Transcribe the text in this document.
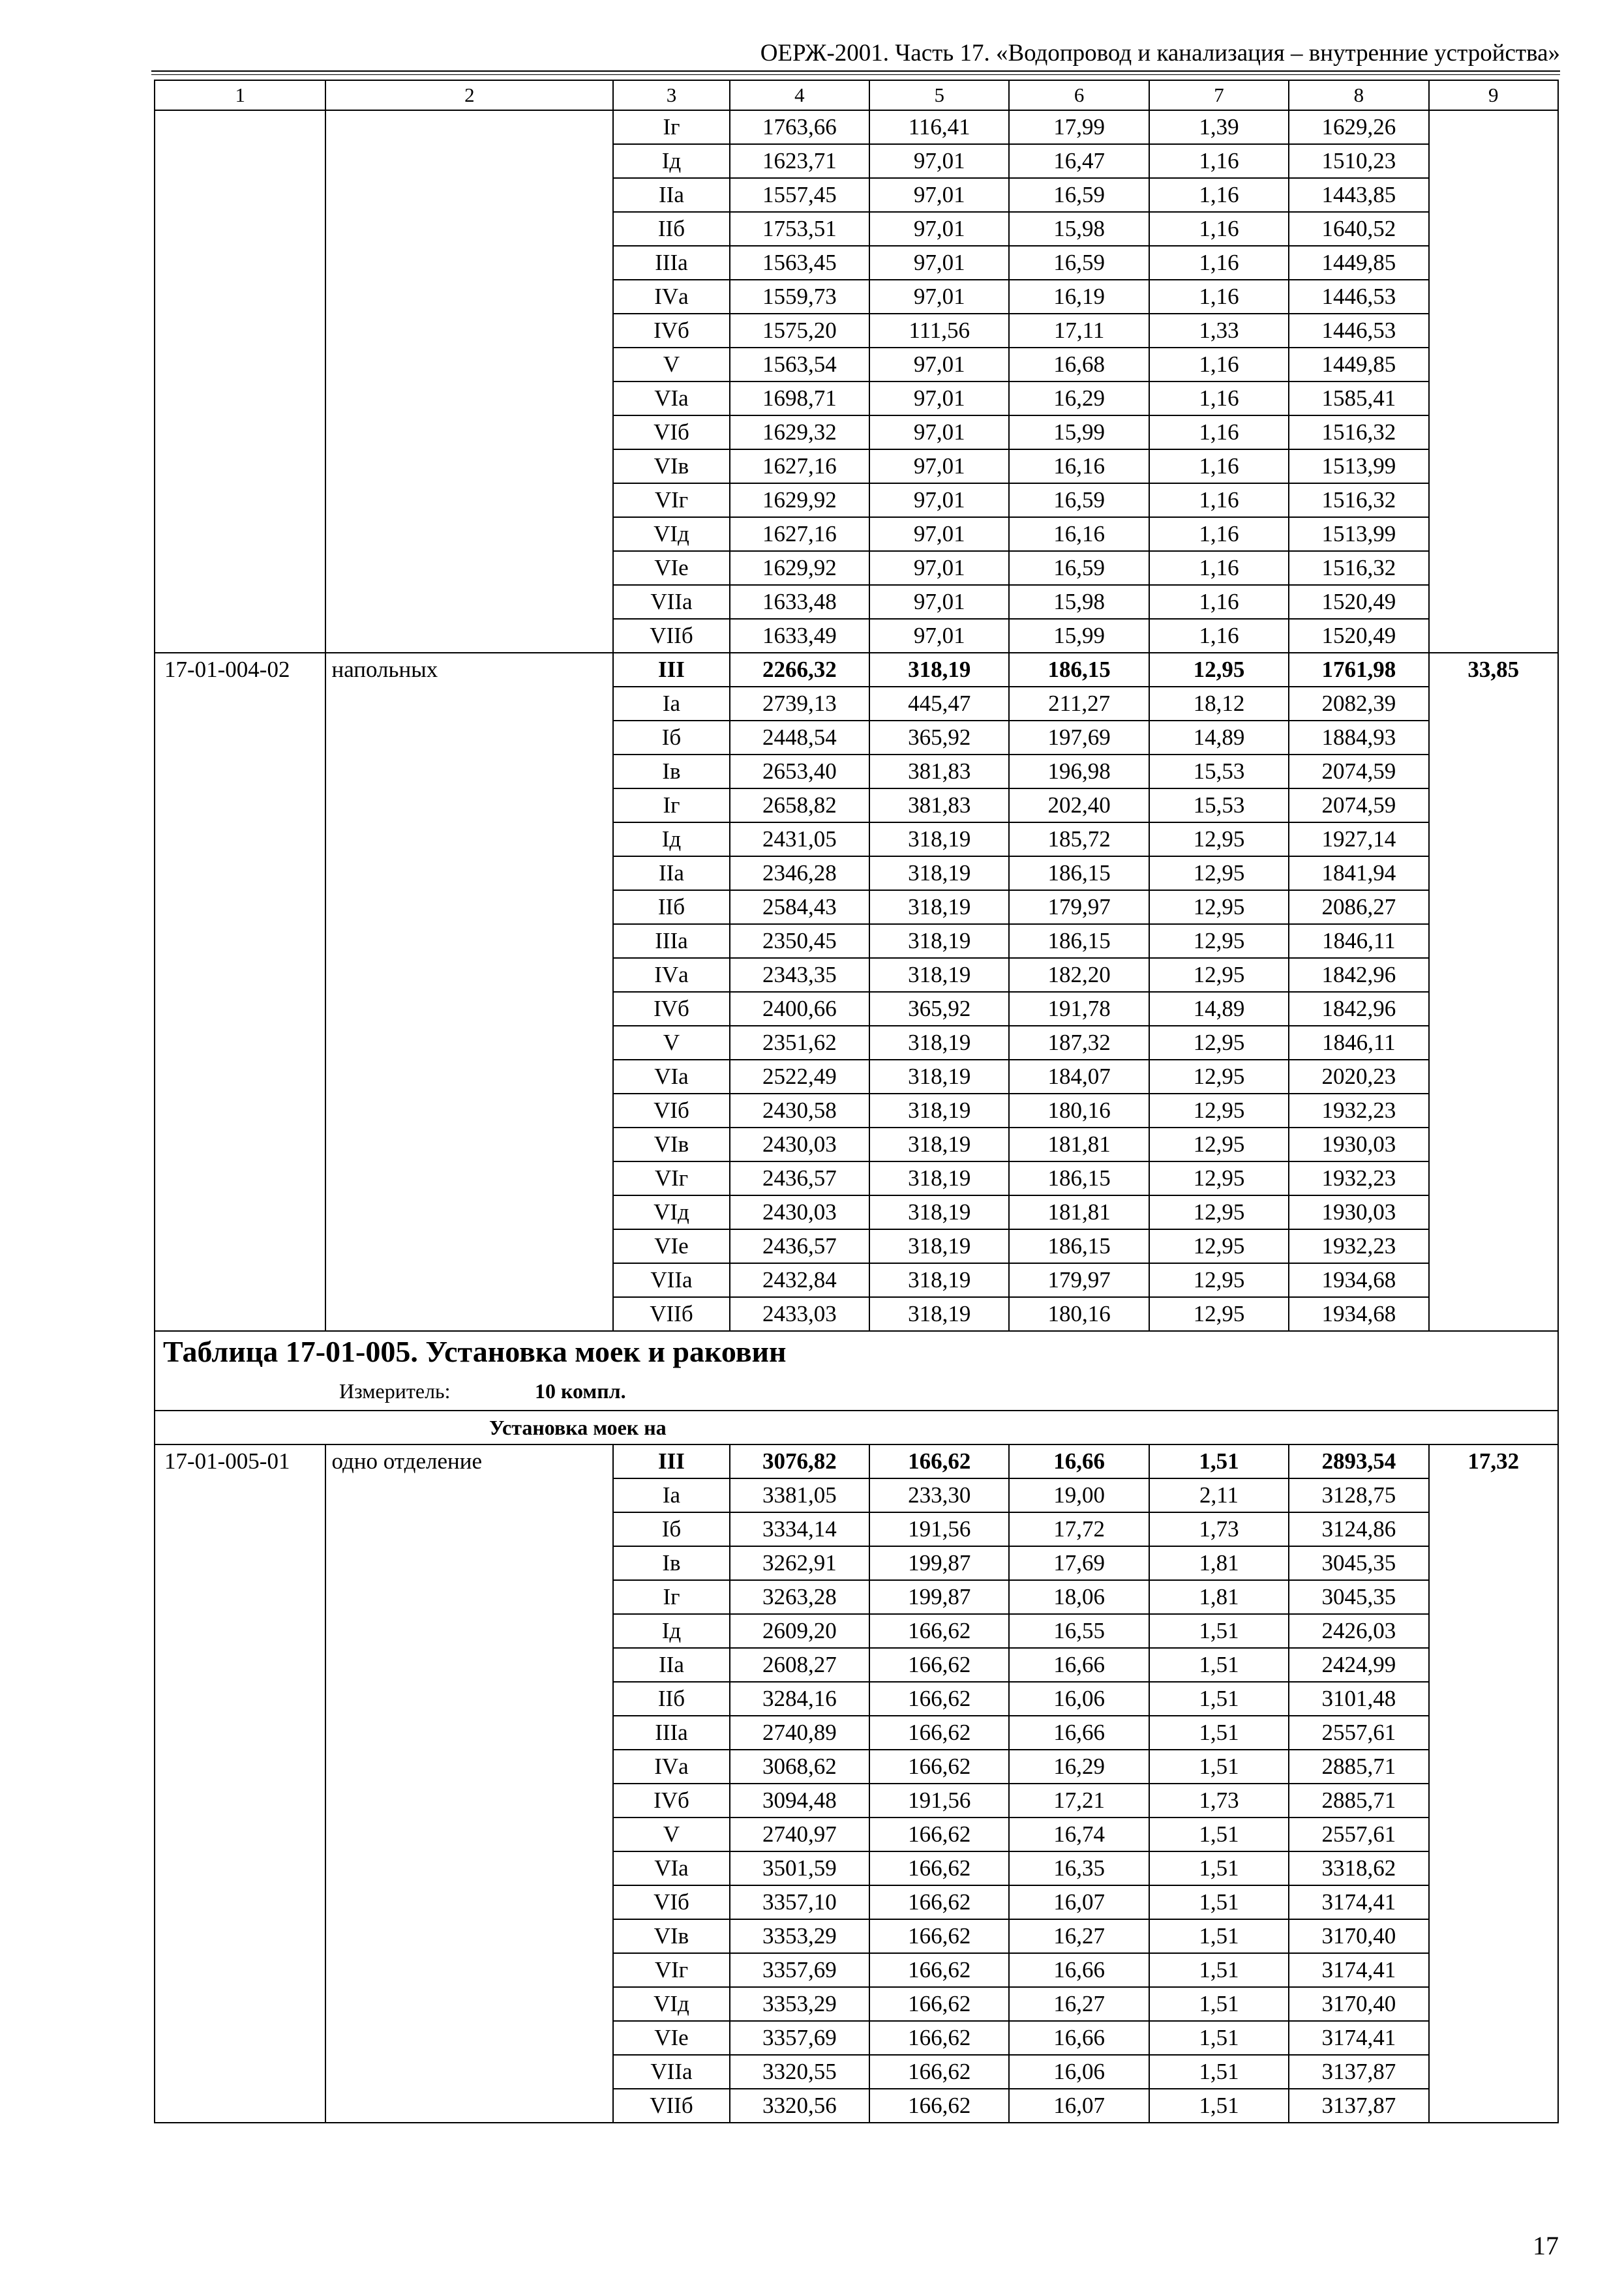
ОЕРЖ-2001. Часть 17. «Водопровод и канализация – внутренние устройства»
1	2	3	4	5	6	7	8	9
		Iг	1763,66	116,41	17,99	1,39	1629,26	
		Iд	1623,71	97,01	16,47	1,16	1510,23	
		IIа	1557,45	97,01	16,59	1,16	1443,85	
		IIб	1753,51	97,01	15,98	1,16	1640,52	
		IIIа	1563,45	97,01	16,59	1,16	1449,85	
		IVа	1559,73	97,01	16,19	1,16	1446,53	
		IVб	1575,20	111,56	17,11	1,33	1446,53	
		V	1563,54	97,01	16,68	1,16	1449,85	
		VIа	1698,71	97,01	16,29	1,16	1585,41	
		VIб	1629,32	97,01	15,99	1,16	1516,32	
		VIв	1627,16	97,01	16,16	1,16	1513,99	
		VIг	1629,92	97,01	16,59	1,16	1516,32	
		VIд	1627,16	97,01	16,16	1,16	1513,99	
		VIе	1629,92	97,01	16,59	1,16	1516,32	
		VIIа	1633,48	97,01	15,98	1,16	1520,49	
		VIIб	1633,49	97,01	15,99	1,16	1520,49	
17-01-004-02	напольных	III	2266,32	318,19	186,15	12,95	1761,98	33,85
		Iа	2739,13	445,47	211,27	18,12	2082,39	
		Iб	2448,54	365,92	197,69	14,89	1884,93	
		Iв	2653,40	381,83	196,98	15,53	2074,59	
		Iг	2658,82	381,83	202,40	15,53	2074,59	
		Iд	2431,05	318,19	185,72	12,95	1927,14	
		IIа	2346,28	318,19	186,15	12,95	1841,94	
		IIб	2584,43	318,19	179,97	12,95	2086,27	
		IIIа	2350,45	318,19	186,15	12,95	1846,11	
		IVа	2343,35	318,19	182,20	12,95	1842,96	
		IVб	2400,66	365,92	191,78	14,89	1842,96	
		V	2351,62	318,19	187,32	12,95	1846,11	
		VIа	2522,49	318,19	184,07	12,95	2020,23	
		VIб	2430,58	318,19	180,16	12,95	1932,23	
		VIв	2430,03	318,19	181,81	12,95	1930,03	
		VIг	2436,57	318,19	186,15	12,95	1932,23	
		VIд	2430,03	318,19	181,81	12,95	1930,03	
		VIе	2436,57	318,19	186,15	12,95	1932,23	
		VIIа	2432,84	318,19	179,97	12,95	1934,68	
		VIIб	2433,03	318,19	180,16	12,95	1934,68	
Таблица 17-01-005. Установка моек и раковин								
Измеритель: 10 компл.								
Установка моек на								
17-01-005-01	одно отделение	III	3076,82	166,62	16,66	1,51	2893,54	17,32
		Iа	3381,05	233,30	19,00	2,11	3128,75	
		Iб	3334,14	191,56	17,72	1,73	3124,86	
		Iв	3262,91	199,87	17,69	1,81	3045,35	
		Iг	3263,28	199,87	18,06	1,81	3045,35	
		Iд	2609,20	166,62	16,55	1,51	2426,03	
		IIа	2608,27	166,62	16,66	1,51	2424,99	
		IIб	3284,16	166,62	16,06	1,51	3101,48	
		IIIа	2740,89	166,62	16,66	1,51	2557,61	
		IVа	3068,62	166,62	16,29	1,51	2885,71	
		IVб	3094,48	191,56	17,21	1,73	2885,71	
		V	2740,97	166,62	16,74	1,51	2557,61	
		VIа	3501,59	166,62	16,35	1,51	3318,62	
		VIб	3357,10	166,62	16,07	1,51	3174,41	
		VIв	3353,29	166,62	16,27	1,51	3170,40	
		VIг	3357,69	166,62	16,66	1,51	3174,41	
		VIд	3353,29	166,62	16,27	1,51	3170,40	
		VIе	3357,69	166,62	16,66	1,51	3174,41	
		VIIа	3320,55	166,62	16,06	1,51	3137,87	
		VIIб	3320,56	166,62	16,07	1,51	3137,87	
17
